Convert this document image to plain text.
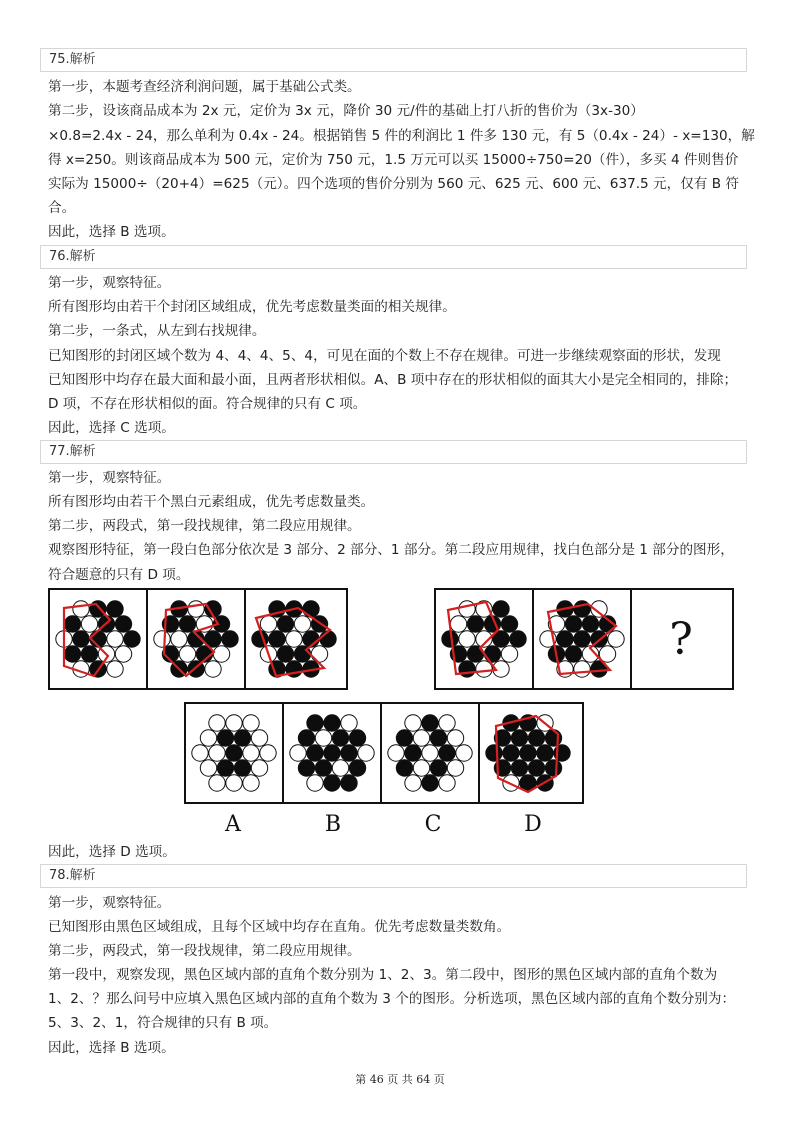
75.解析
第一步，本题考查经济利润问题，属于基础公式类。
第二步，设该商品成本为 2x 元，定价为 3x 元，降价 30 元/件的基础上打八折的售价为（3x-30）
×0.8=2.4x - 24，那么单利为 0.4x - 24。根据销售 5 件的利润比 1 件多 130 元，有 5（0.4x - 24）- x=130，解
得 x=250。则该商品成本为 500 元，定价为 750 元，1.5 万元可以买 15000÷750=20（件），多买 4 件则售价
实际为 15000÷（20+4）=625（元）。四个选项的售价分别为 560 元、625 元、600 元、637.5 元，仅有 B 符
合。
因此，选择 B 选项。
76.解析
第一步，观察特征。
所有图形均由若干个封闭区域组成，优先考虑数量类面的相关规律。
第二步，一条式，从左到右找规律。
已知图形的封闭区域个数为 4、4、4、5、4，可见在面的个数上不存在规律。可进一步继续观察面的形状，发现
已知图形中均存在最大面和最小面，且两者形状相似。A、B 项中存在的形状相似的面其大小是完全相同的，排除；
D 项，不存在形状相似的面。符合规律的只有 C 项。
因此，选择 C 选项。
77.解析
第一步，观察特征。
所有图形均由若干个黑白元素组成，优先考虑数量类。
第二步，两段式，第一段找规律，第二段应用规律。
观察图形特征，第一段白色部分依次是 3 部分、2 部分、1 部分。第二段应用规律，找白色部分是 1 部分的图形，
符合题意的只有 D 项。
?
A	B	C	D
因此，选择 D 选项。
78.解析
第一步，观察特征。
已知图形由黑色区域组成，且每个区域中均存在直角。优先考虑数量类数角。
第二步，两段式，第一段找规律，第二段应用规律。
第一段中，观察发现，黑色区域内部的直角个数分别为 1、2、3。第二段中，图形的黑色区域内部的直角个数为
1、2、？那么问号中应填入黑色区域内部的直角个数为 3 个的图形。分析选项，黑色区域内部的直角个数分别为：
5、3、2、1，符合规律的只有 B 项。
因此，选择 B 选项。
第 46 页 共 64 页
